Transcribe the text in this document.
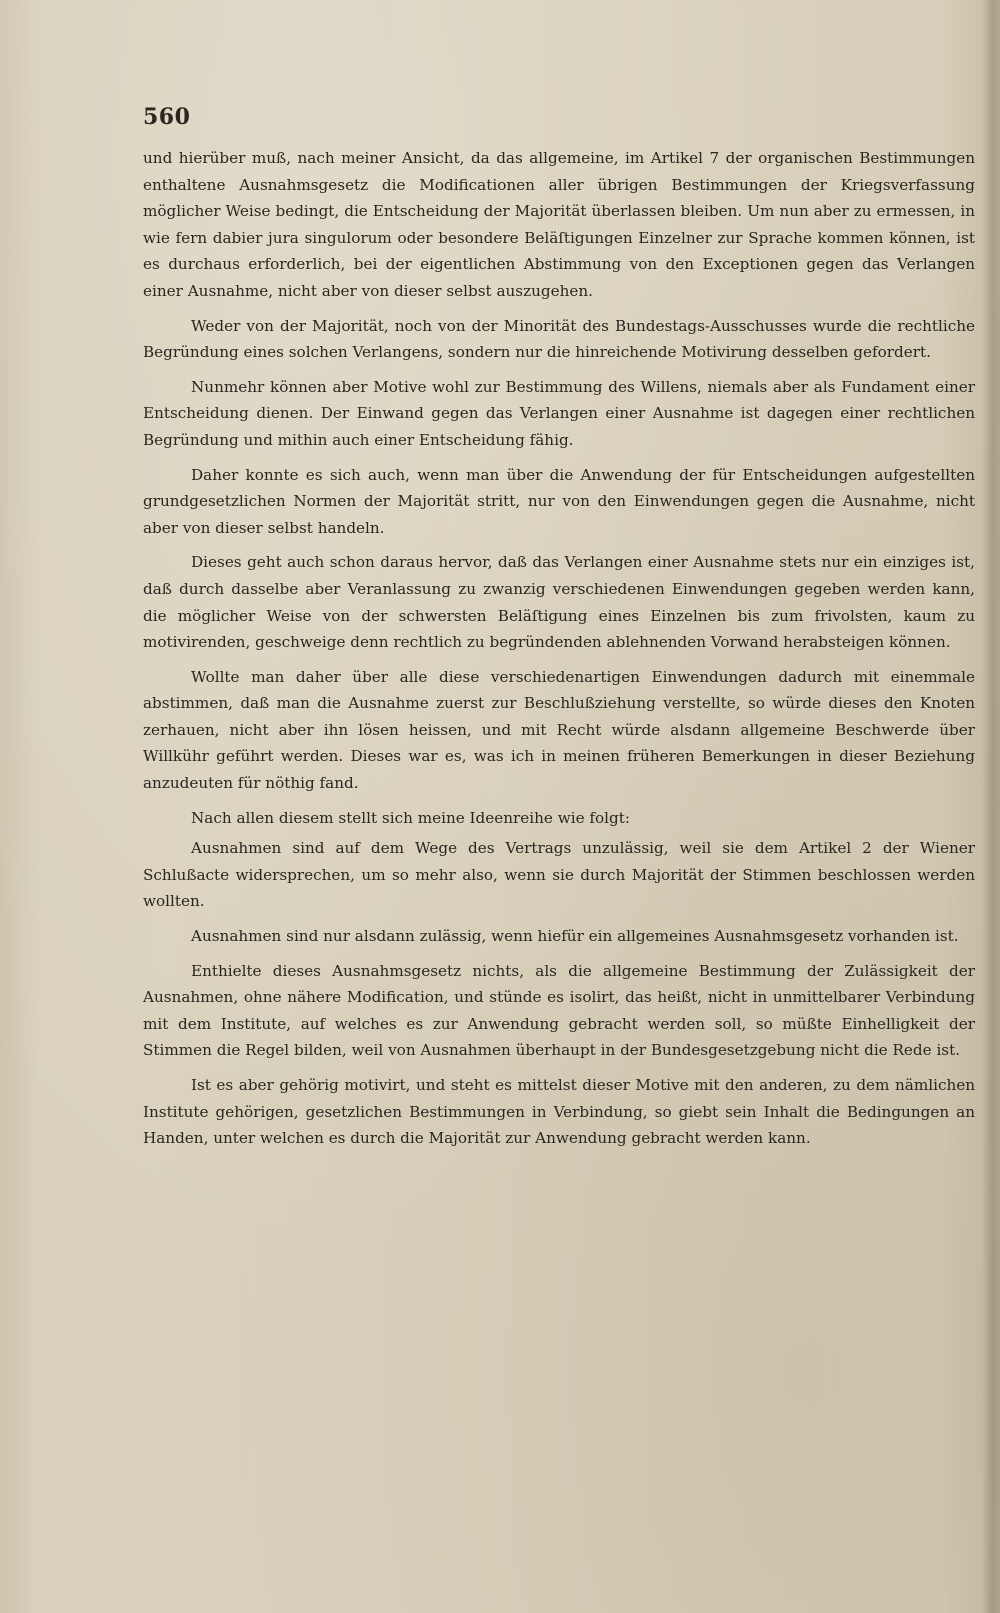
560

und hierüber muß, nach meiner Ansicht, da das allgemeine, im Artikel 7 der organischen Bestimmungen enthaltene Ausnahmsgesetz die Modificationen aller übrigen Bestimmungen der Kriegsverfassung möglicher Weise bedingt, die Entscheidung der Majorität überlassen bleiben. Um nun aber zu ermessen, in wie fern dabier jura singulorum oder besondere Beläſtigungen Einzelner zur Sprache kommen können, ist es durchaus erforderlich, bei der eigentlichen Abstimmung von den Exceptionen gegen das Verlangen einer Ausnahme, nicht aber von dieser selbst auszugehen.

Weder von der Majorität, noch von der Minorität des Bundestags-Ausschusses wurde die rechtliche Begründung eines solchen Verlangens, sondern nur die hinreichende Motivirung desselben gefordert.

Nunmehr können aber Motive wohl zur Bestimmung des Willens, niemals aber als Fundament einer Entscheidung dienen. Der Einwand gegen das Verlangen einer Ausnahme ist dagegen einer rechtlichen Begründung und mithin auch einer Entscheidung fähig.

Daher konnte es sich auch, wenn man über die Anwendung der für Entscheidungen aufgestellten grundgesetzlichen Normen der Majorität stritt, nur von den Einwendungen gegen die Ausnahme, nicht aber von dieser selbst handeln.

Dieses geht auch schon daraus hervor, daß das Verlangen einer Ausnahme stets nur ein einziges ist, daß durch dasselbe aber Veranlassung zu zwanzig verschiedenen Einwendungen gegeben werden kann, die möglicher Weise von der schwersten Beläſtigung eines Einzelnen bis zum frivolsten, kaum zu motivirenden, geschweige denn rechtlich zu begründenden ablehnenden Vorwand herabsteigen können.

Wollte man daher über alle diese verschiedenartigen Einwendungen dadurch mit einemmale abstimmen, daß man die Ausnahme zuerst zur Beschlußziehung verstellte, so würde dieses den Knoten zerhauen, nicht aber ihn lösen heissen, und mit Recht würde alsdann allgemeine Beschwerde über Willkühr geführt werden. Dieses war es, was ich in meinen früheren Bemerkungen in dieser Beziehung anzudeuten für nöthig fand.

Nach allen diesem stellt sich meine Ideenreihe wie folgt:

Ausnahmen sind auf dem Wege des Vertrags unzulässig, weil sie dem Artikel 2 der Wiener Schlußacte widersprechen, um so mehr also, wenn sie durch Majorität der Stimmen beschlossen werden wollten.

Ausnahmen sind nur alsdann zulässig, wenn hiefür ein allgemeines Ausnahmsgesetz vorhanden ist.

Enthielte dieses Ausnahmsgesetz nichts, als die allgemeine Bestimmung der Zulässigkeit der Ausnahmen, ohne nähere Modification, und stünde es isolirt, das heißt, nicht in unmittelbarer Verbindung mit dem Institute, auf welches es zur Anwendung gebracht werden soll, so müßte Einhelligkeit der Stimmen die Regel bilden, weil von Ausnahmen überhaupt in der Bundesgesetzgebung nicht die Rede ist.

Ist es aber gehörig motivirt, und steht es mittelst dieser Motive mit den anderen, zu dem nämlichen Institute gehörigen, gesetzlichen Bestimmungen in Verbindung, so giebt sein Inhalt die Bedingungen an Handen, unter welchen es durch die Majorität zur Anwendung gebracht werden kann.
